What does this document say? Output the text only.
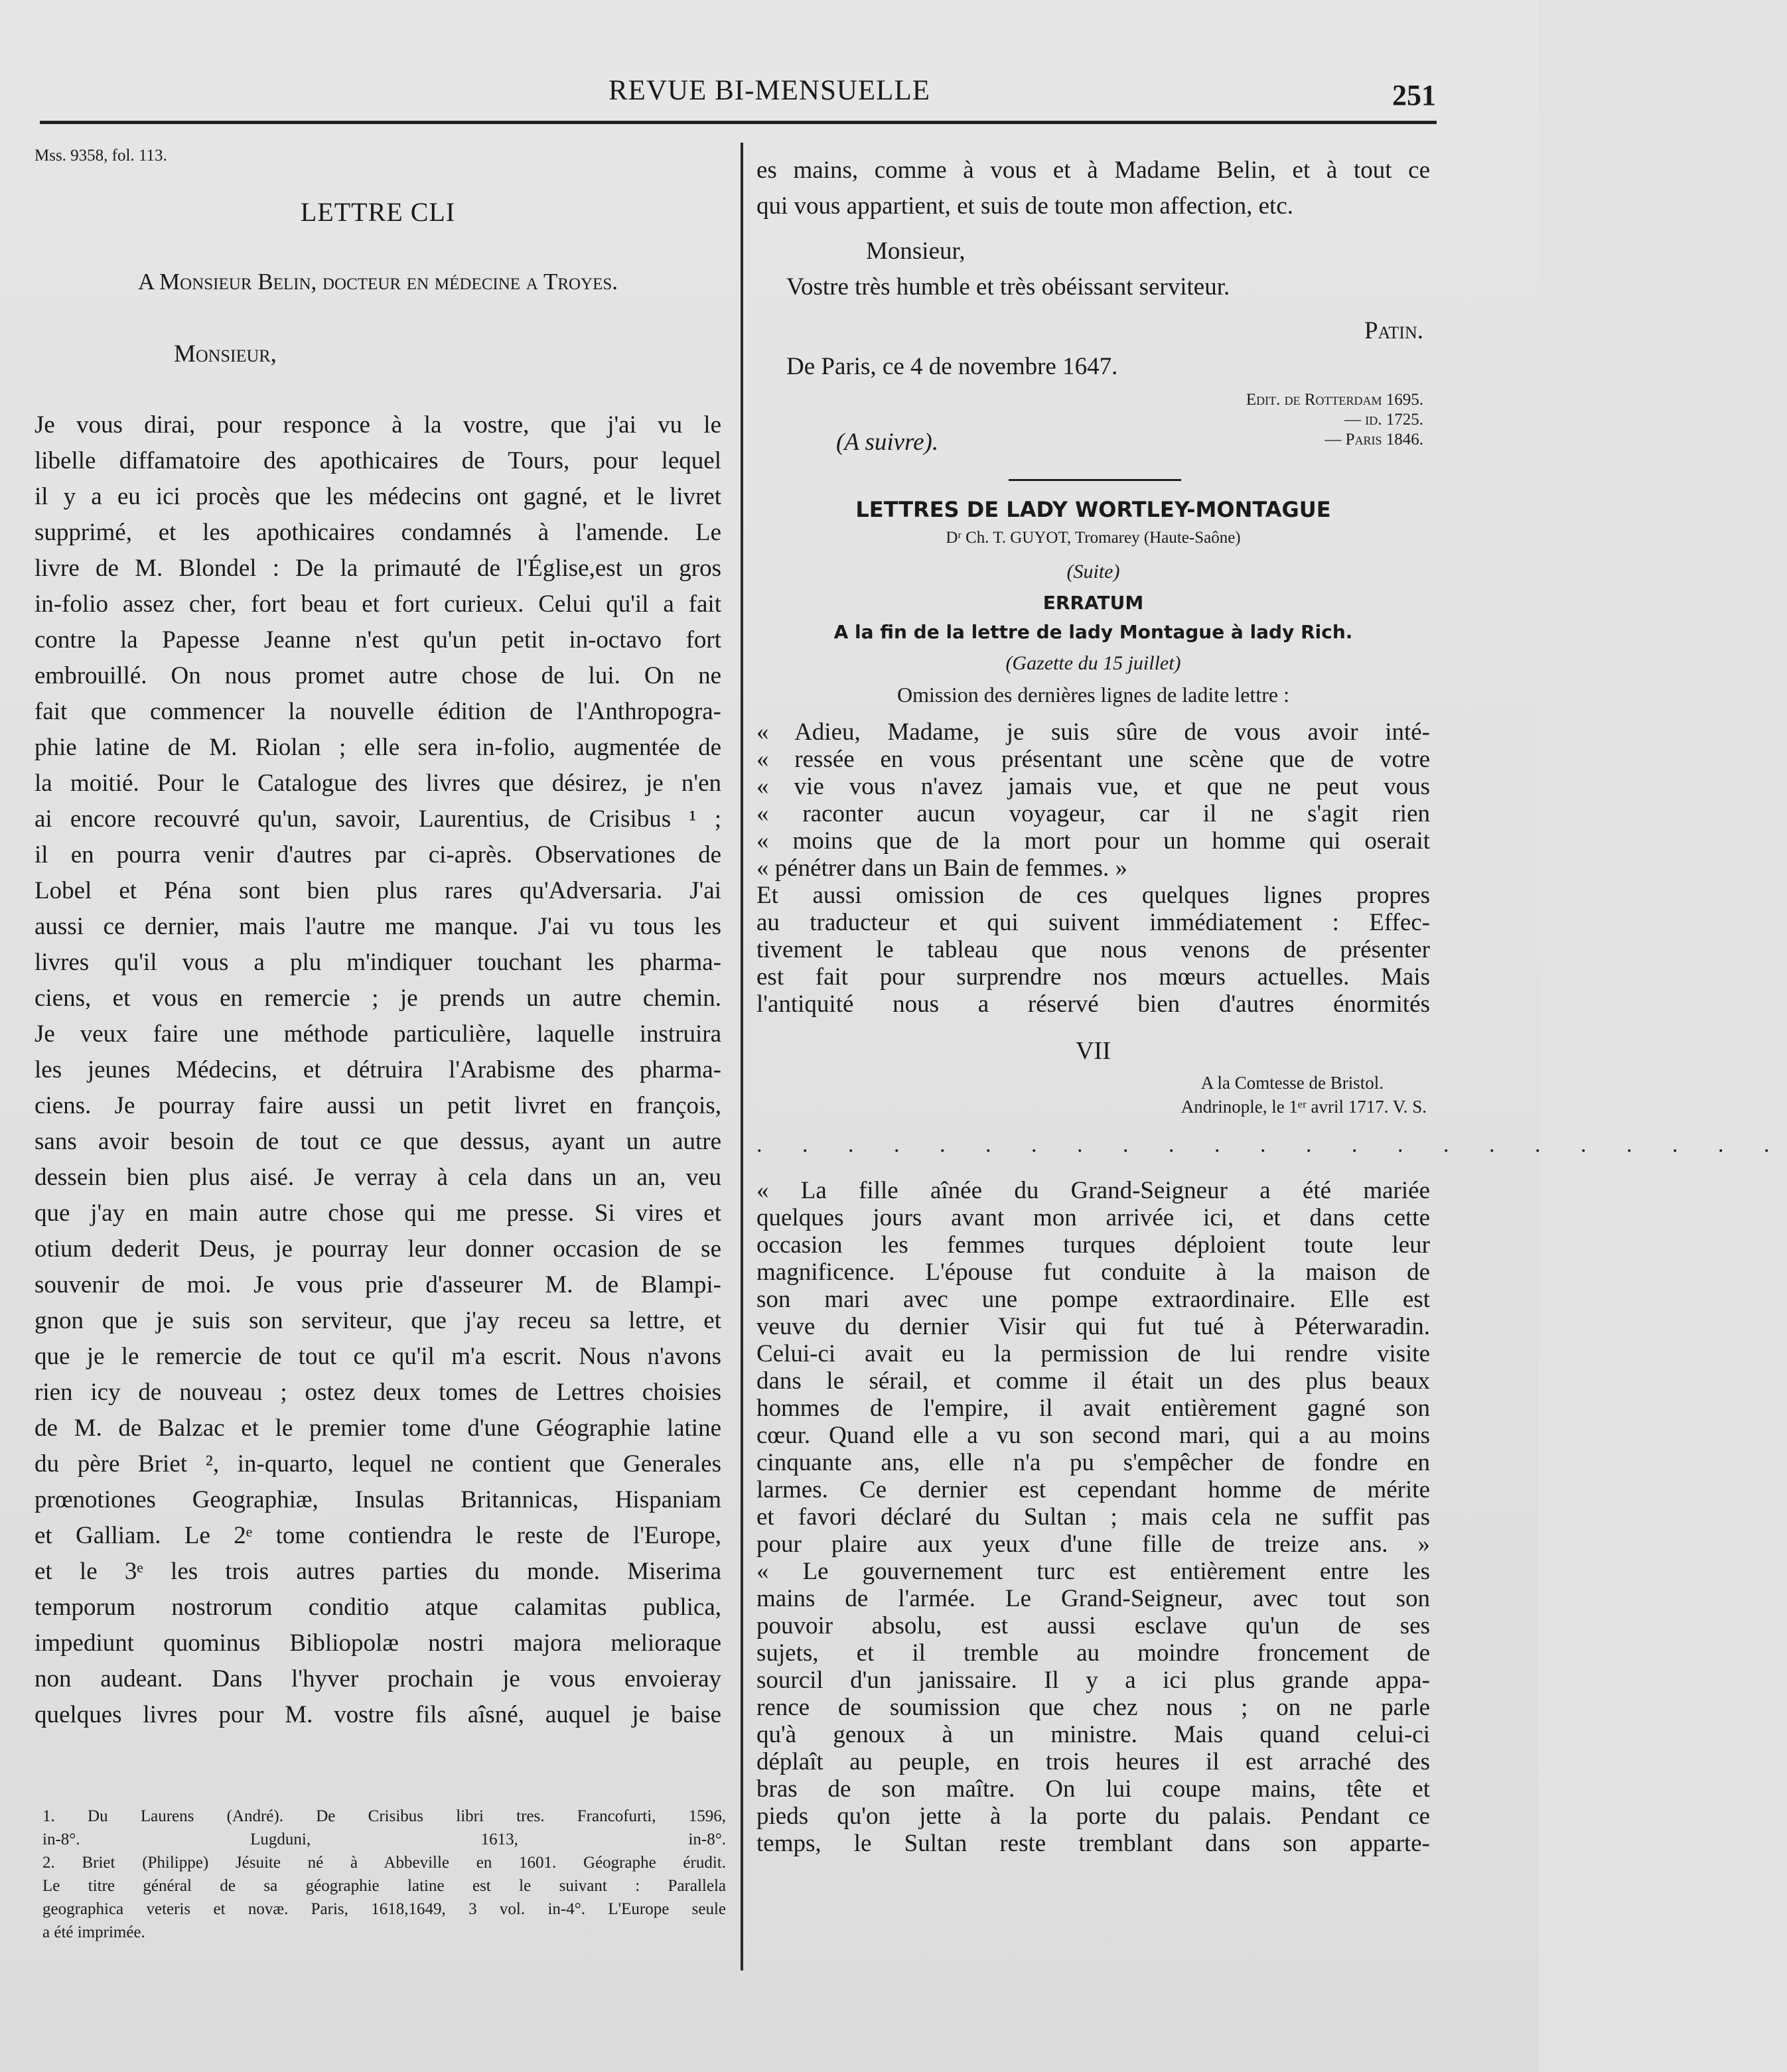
REVUE BI-MENSUELLE	251
Mss. 9358, fol. 113.
LETTRE CLI
A Monsieur Belin, docteur en médecine a Troyes.
Monsieur,
Je vous dirai, pour responce à la vostre, que j'ai vu le
libelle diffamatoire des apothicaires de Tours, pour lequel
il y a eu ici procès que les médecins ont gagné, et le livret
supprimé, et les apothicaires condamnés à l'amende. Le
livre de M. Blondel : De la primauté de l'Église,est un gros
in-folio assez cher, fort beau et fort curieux. Celui qu'il a fait
contre la Papesse Jeanne n'est qu'un petit in-octavo fort
embrouillé. On nous promet autre chose de lui. On ne
fait que commencer la nouvelle édition de l'Anthropogra-
phie latine de M. Riolan ; elle sera in-folio, augmentée de
la moitié. Pour le Catalogue des livres que désirez, je n'en
ai encore recouvré qu'un, savoir, Laurentius, de Crisibus ¹ ;
il en pourra venir d'autres par ci-après. Observationes de
Lobel et Péna sont bien plus rares qu'Adversaria. J'ai
aussi ce dernier, mais l'autre me manque. J'ai vu tous les
livres qu'il vous a plu m'indiquer touchant les pharma-
ciens, et vous en remercie ; je prends un autre chemin.
Je veux faire une méthode particulière, laquelle instruira
les jeunes Médecins, et détruira l'Arabisme des pharma-
ciens. Je pourray faire aussi un petit livret en françois,
sans avoir besoin de tout ce que dessus, ayant un autre
dessein bien plus aisé. Je verray à cela dans un an, veu
que j'ay en main autre chose qui me presse. Si vires et
otium dederit Deus, je pourray leur donner occasion de se
souvenir de moi. Je vous prie d'asseurer M. de Blampi-
gnon que je suis son serviteur, que j'ay receu sa lettre, et
que je le remercie de tout ce qu'il m'a escrit. Nous n'avons
rien icy de nouveau ; ostez deux tomes de Lettres choisies
de M. de Balzac et le premier tome d'une Géographie latine
du père Briet ², in-quarto, lequel ne contient que Generales
prœnotiones Geographiæ, Insulas Britannicas, Hispaniam
et Galliam. Le 2ᵉ tome contiendra le reste de l'Europe,
et le 3ᵉ les trois autres parties du monde. Miserima
temporum nostrorum conditio atque calamitas publica,
impediunt quominus Bibliopolæ nostri majora melioraque
non audeant. Dans l'hyver prochain je vous envoieray
quelques livres pour M. vostre fils aîsné, auquel je baise
1. Du Laurens (André). De Crisibus libri tres. Francofurti, 1596,
in-8°. Lugduni, 1613, in-8°.
2. Briet (Philippe) Jésuite né à Abbeville en 1601. Géographe érudit.
Le titre général de sa géographie latine est le suivant : Parallela
geographica veteris et novæ. Paris, 1618,1649, 3 vol. in-4°. L'Europe seule
a été imprimée.
es mains, comme à vous et à Madame Belin, et à tout ce
qui vous appartient, et suis de toute mon affection, etc.
Monsieur,
Vostre très humble et très obéissant serviteur.
Patin.
De Paris, ce 4 de novembre 1647.
Edit. de Rotterdam 1695.
— id. 1725.
— Paris 1846.
(A suivre).
LETTRES DE LADY WORTLEY-MONTAGUE
Dʳ Ch. T. GUYOT, Tromarey (Haute-Saône)
(Suite)
ERRATUM
A la fin de la lettre de lady Montague à lady Rich.
(Gazette du 15 juillet)
Omission des dernières lignes de ladite lettre :
« Adieu, Madame, je suis sûre de vous avoir inté-
« ressée en vous présentant une scène que de votre
« vie vous n'avez jamais vue, et que ne peut vous
« raconter aucun voyageur, car il ne s'agit rien
« moins que de la mort pour un homme qui oserait
« pénétrer dans un Bain de femmes. »
Et aussi omission de ces quelques lignes propres
au traducteur et qui suivent immédiatement : Effec-
tivement le tableau que nous venons de présenter
est fait pour surprendre nos mœurs actuelles. Mais
l'antiquité nous a réservé bien d'autres énormités
VII
A la Comtesse de Bristol.
Andrinople, le 1ᵉʳ avril 1717. V. S.
. . . . . . . . . . . . . . . . . . . . . . .
« La fille aînée du Grand-Seigneur a été mariée
quelques jours avant mon arrivée ici, et dans cette
occasion les femmes turques déploient toute leur
magnificence. L'épouse fut conduite à la maison de
son mari avec une pompe extraordinaire. Elle est
veuve du dernier Visir qui fut tué à Péterwaradin.
Celui-ci avait eu la permission de lui rendre visite
dans le sérail, et comme il était un des plus beaux
hommes de l'empire, il avait entièrement gagné son
cœur. Quand elle a vu son second mari, qui a au moins
cinquante ans, elle n'a pu s'empêcher de fondre en
larmes. Ce dernier est cependant homme de mérite
et favori déclaré du Sultan ; mais cela ne suffit pas
pour plaire aux yeux d'une fille de treize ans. »
« Le gouvernement turc est entièrement entre les
mains de l'armée. Le Grand-Seigneur, avec tout son
pouvoir absolu, est aussi esclave qu'un de ses
sujets, et il tremble au moindre froncement de
sourcil d'un janissaire. Il y a ici plus grande appa-
rence de soumission que chez nous ; on ne parle
qu'à genoux à un ministre. Mais quand celui-ci
déplaît au peuple, en trois heures il est arraché des
bras de son maître. On lui coupe mains, tête et
pieds qu'on jette à la porte du palais. Pendant ce
temps, le Sultan reste tremblant dans son apparte-
